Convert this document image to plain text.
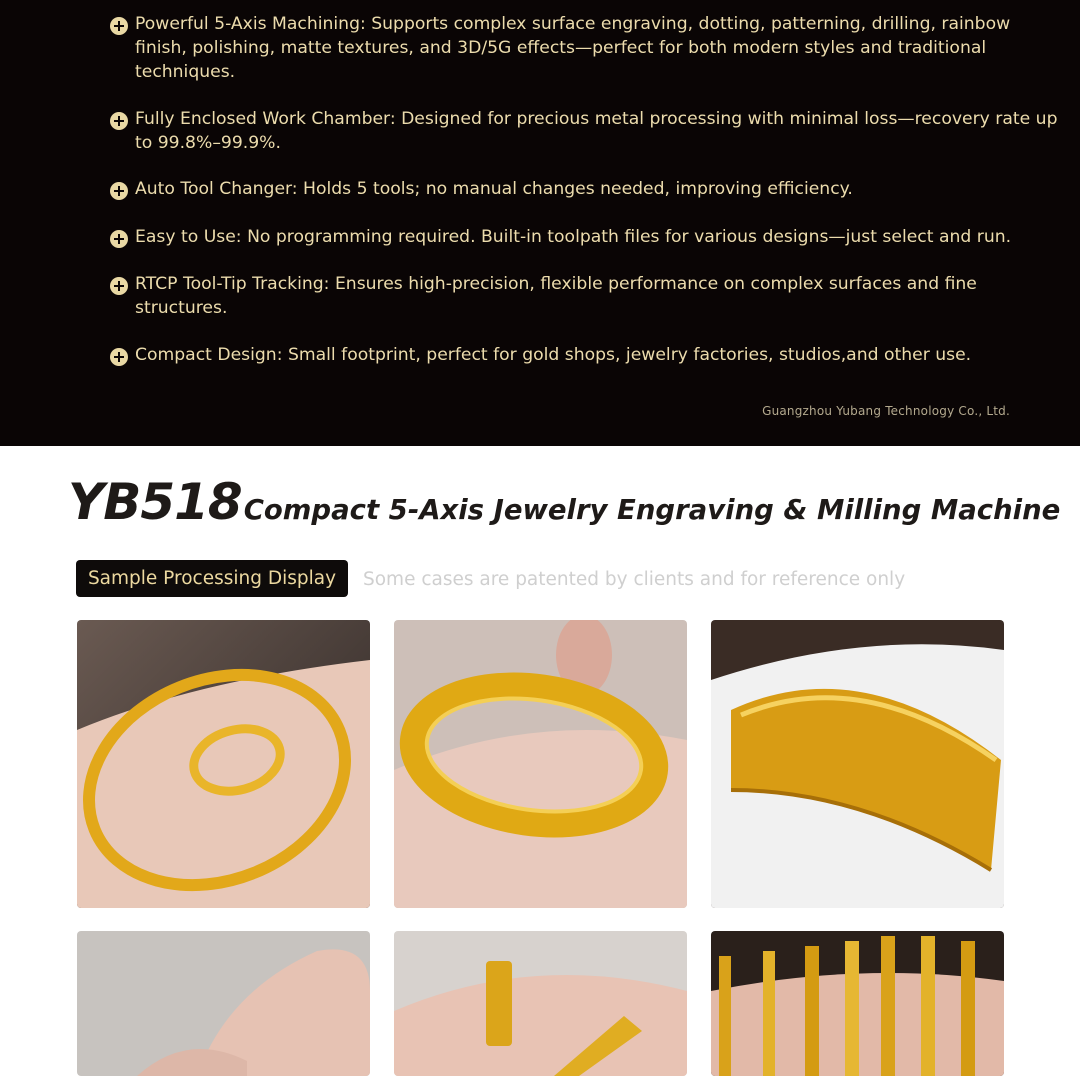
Powerful 5-Axis Machining: Supports complex surface engraving, dotting, patterning, drilling, rainbow finish, polishing, matte textures, and 3D/5G effects—perfect for both modern styles and traditional techniques.
Fully Enclosed Work Chamber: Designed for precious metal processing with minimal loss—recovery rate up to 99.8%–99.9%.
Auto Tool Changer: Holds 5 tools; no manual changes needed, improving efficiency.
Easy to Use: No programming required. Built-in toolpath files for various designs—just select and run.
RTCP Tool-Tip Tracking: Ensures high-precision, flexible performance on complex surfaces and fine structures.
Compact Design: Small footprint, perfect for gold shops, jewelry factories, studios,and other use.
Guangzhou Yubang Technology Co., Ltd.
YB518Compact 5-Axis Jewelry Engraving & Milling Machine
Sample Processing Display	Some cases are patented by clients and for reference only
